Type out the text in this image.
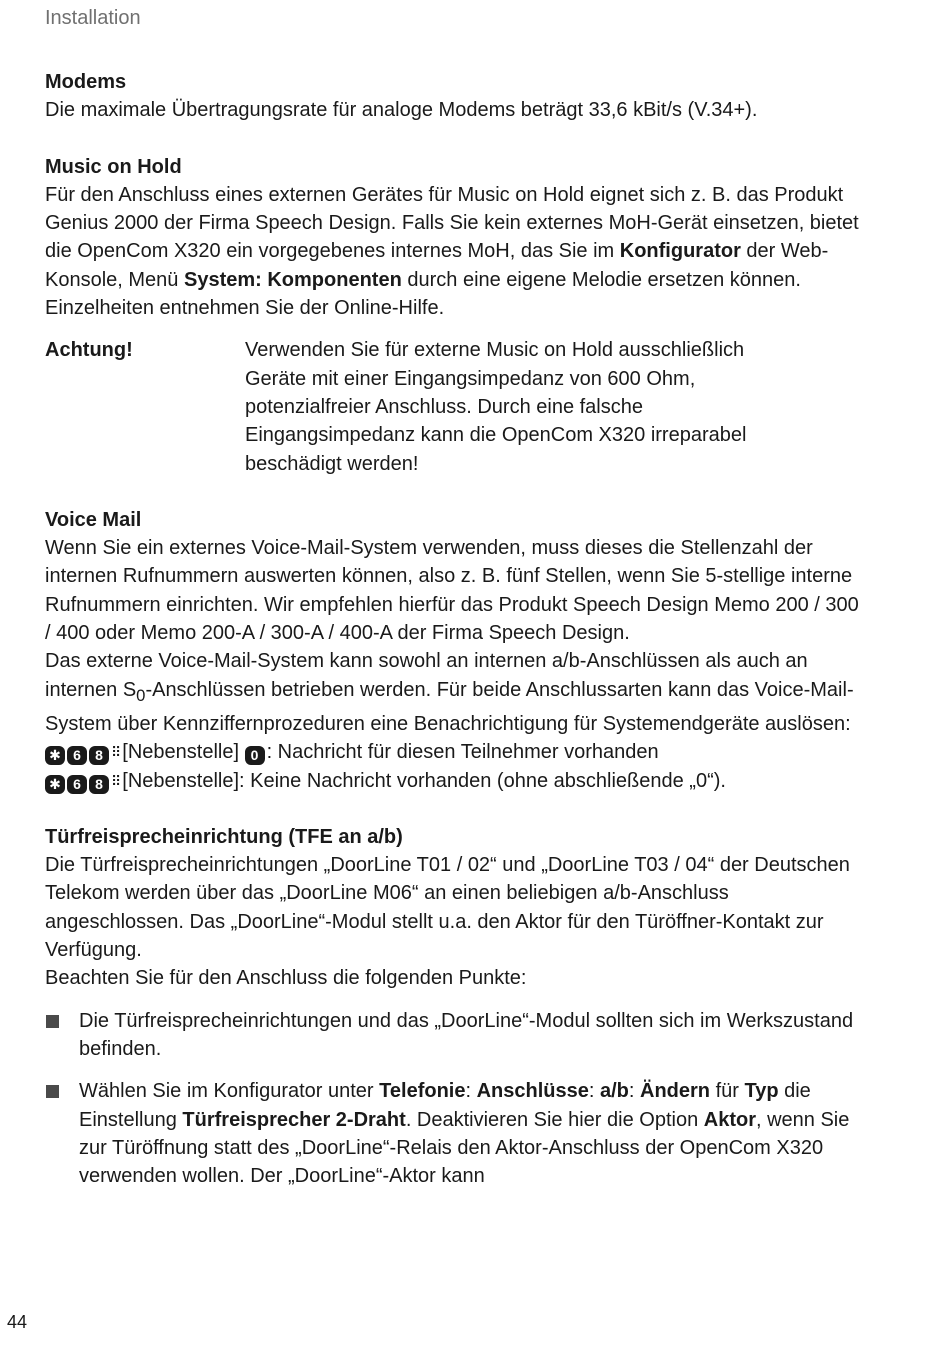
Installation
Modems

Die maximale Übertragungsrate für analoge Modems beträgt 33,6 kBit/s (V.34+).

Music on Hold

Für den Anschluss eines externen Gerätes für Music on Hold eignet sich z. B. das Produkt Genius 2000 der Firma Speech Design. Falls Sie kein externes MoH-Gerät einsetzen, bietet die OpenCom X320 ein vorgegebenes internes MoH, das Sie im Konfigurator der Web-Konsole, Menü System: Komponenten durch eine eigene Melodie ersetzen können. Einzelheiten entnehmen Sie der Online-Hilfe.

Achtung!	Verwenden Sie für externe Music on Hold ausschließlich Geräte mit einer Eingangsimpedanz von 600 Ohm, potenzialfreier Anschluss. Durch eine falsche Eingangsimpedanz kann die OpenCom X320 irreparabel beschädigt werden!
Voice Mail

Wenn Sie ein externes Voice-Mail-System verwenden, muss dieses die Stellenzahl der internen Rufnummern auswerten können, also z. B. fünf Stellen, wenn Sie 5-stellige interne Rufnummern einrichten. Wir empfehlen hierfür das Produkt Speech Design Memo 200 / 300 / 400 oder Memo 200-A / 300-A / 400-A der Firma Speech Design.

Das externe Voice-Mail-System kann sowohl an internen a/b-Anschlüssen als auch an internen $S_0$-Anschlüssen betrieben werden. Für beide Anschlussarten kann das Voice-Mail-System über Kennziffernprozeduren eine Benachrichtigung für Systemendgeräte auslösen:

✱ 6 8 ⠿[Nebenstelle] 0 : Nachricht für diesen Teilnehmer vorhanden
✱ 6 8 ⠿[Nebenstelle]: Keine Nachricht vorhanden (ohne abschließende „0“).
Türfreisprecheinrichtung (TFE an a/b)

Die Türfreisprecheinrichtungen „DoorLine T01 / 02“ und „DoorLine T03 / 04“ der Deutschen Telekom werden über das „DoorLine M06“ an einen beliebigen a/b-Anschluss angeschlossen. Das „DoorLine“-Modul stellt u.a. den Aktor für den Türöffner-Kontakt zur Verfügung.

Beachten Sie für den Anschluss die folgenden Punkte:

Die Türfreisprecheinrichtungen und das „DoorLine“-Modul sollten sich im Werkszustand befinden.
Wählen Sie im Konfigurator unter Telefonie: Anschlüsse: a/b: Ändern für Typ die Einstellung Türfreisprecher 2-Draht. Deaktivieren Sie hier die Option Aktor, wenn Sie zur Türöffnung statt des „DoorLine“-Relais den Aktor-Anschluss der OpenCom X320 verwenden wollen. Der „DoorLine“-Aktor kann
44
